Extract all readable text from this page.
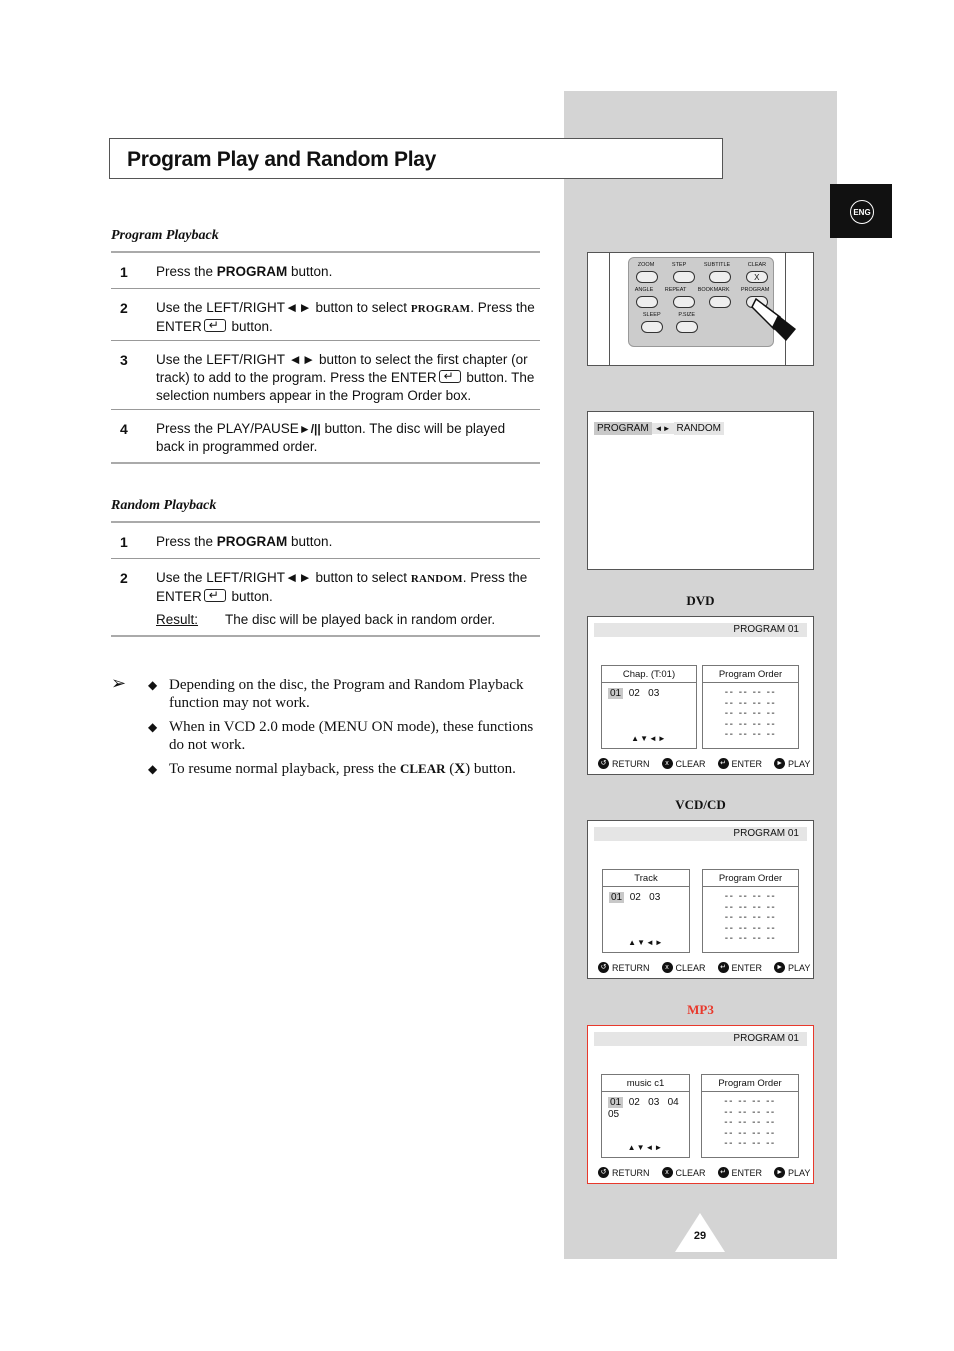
Program Play and Random Play
ENG
Program Playback
1 Press the PROGRAM button.
2 Use the LEFT/RIGHT◄► button to select PROGRAM. Press the ENTER↵ button.
3 Use the LEFT/RIGHT ◄► button to select the first chapter (or track) to add to the program. Press the ENTER↵ button. The selection numbers appear in the Program Order box.
4 Press the PLAY/PAUSE►/|| button. The disc will be played back in programmed order.
Random Playback
1 Press the PROGRAM button.
2 Use the LEFT/RIGHT◄► button to select RANDOM. Press the ENTER↵ button.
Result: The disc will be played back in random order.
➢ ◆ Depending on the disc, the Program and Random Playback function may not work.
◆ When in VCD 2.0 mode (MENU ON mode), these functions do not work.
◆ To resume normal playback, press the CLEAR (X) button.
ZOOM	STEP	SUBTITLE	CLEAR
X
ANGLE REPEAT BOOKMARK PROGRAM
SLEEP	P.SIZE
PROGRAM ◄► RANDOM
DVD
PROGRAM 01
Chap. (T:01)
01 02 03
▲▼◄►
Program Order
-- -- -- --
-- -- -- --
-- -- -- --
-- -- -- --
-- -- -- --
↺ RETURN	x CLEAR	↵ ENTER ► PLAY
VCD/CD
PROGRAM 01
Track
01 02 03
▲▼◄►
Program Order
-- -- -- --
-- -- -- --
-- -- -- --
-- -- -- --
-- -- -- --
↺ RETURN	x CLEAR	↵ ENTER ► PLAY
MP3
PROGRAM 01
music c1
01 02 03 04
05
▲▼◄►
Program Order
-- -- -- --
-- -- -- --
-- -- -- --
-- -- -- --
-- -- -- --
↺ RETURN	x CLEAR	↵ ENTER ► PLAY
29
